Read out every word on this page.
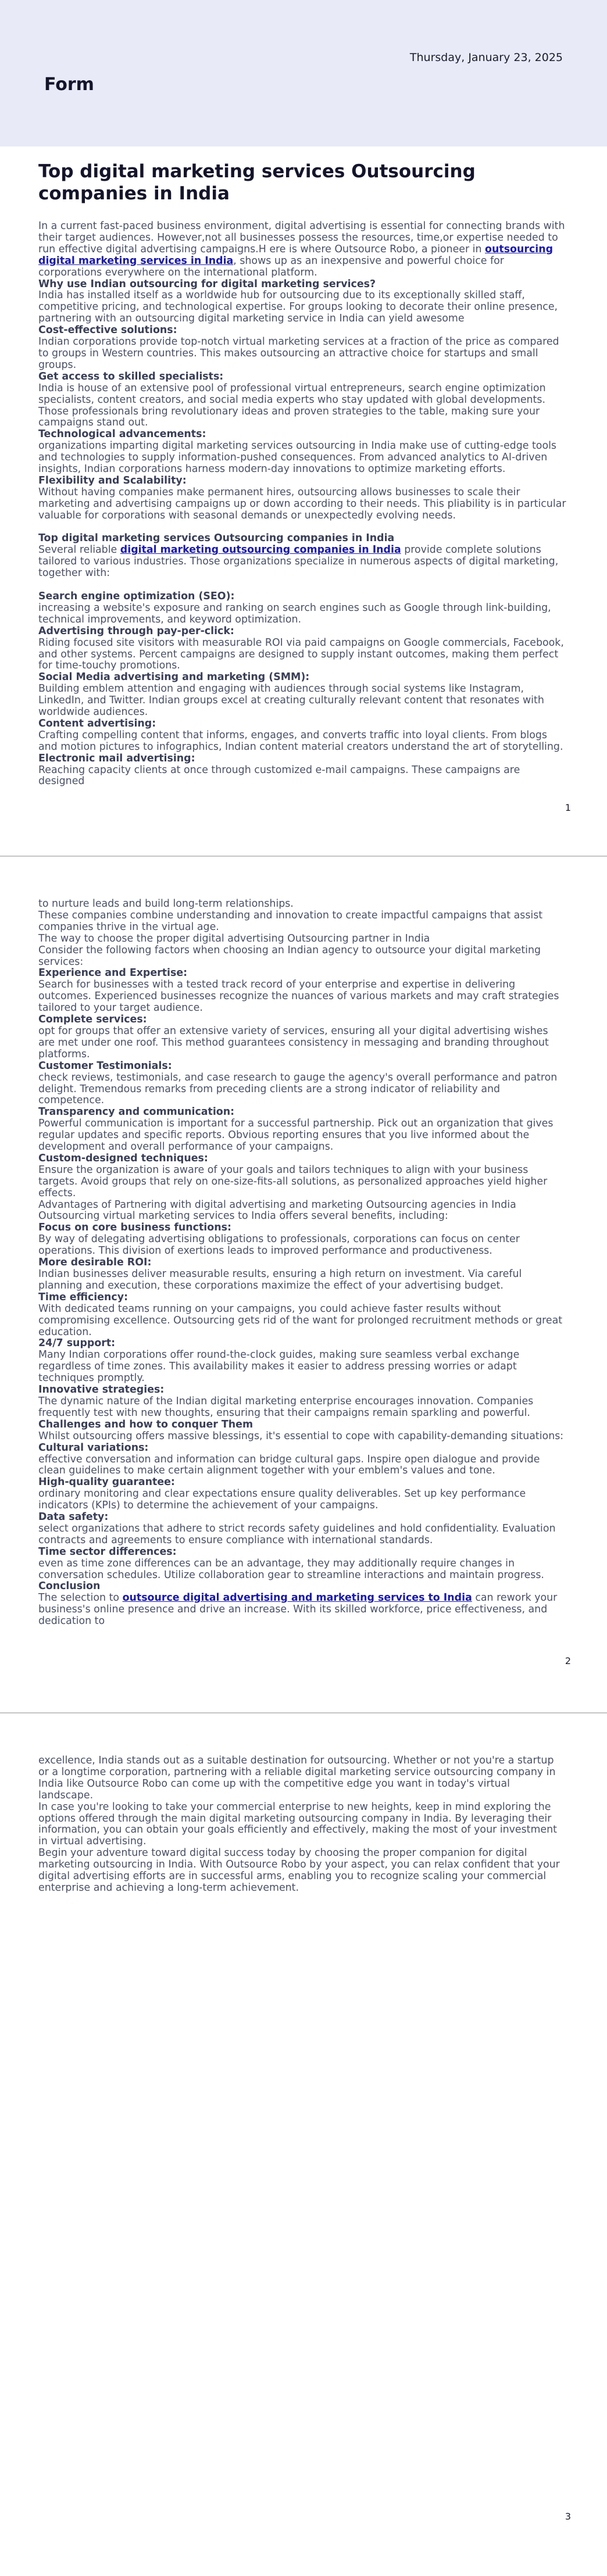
Thursday, January 23, 2025
Form
Top digital marketing services Outsourcing companies in India

In a current fast-paced business environment, digital advertising is essential for connecting brands with their target audiences. However,not all businesses possess the resources, time,or expertise needed to run effective digital advertising campaigns.H ere is where Outsource Robo, a pioneer in outsourcing digital marketing services in India, shows up as an inexpensive and powerful choice for corporations everywhere on the international platform.

Why use Indian outsourcing for digital marketing services?

India has installed itself as a worldwide hub for outsourcing due to its exceptionally skilled staff, competitive pricing, and technological expertise. For groups looking to decorate their online presence, partnering with an outsourcing digital marketing service in India can yield awesome

Cost-effective solutions:

Indian corporations provide top-notch virtual marketing services at a fraction of the price as compared to groups in Western countries. This makes outsourcing an attractive choice for startups and small groups.

Get access to skilled specialists:

India is house of an extensive pool of professional virtual entrepreneurs, search engine optimization specialists, content creators, and social media experts who stay updated with global developments. Those professionals bring revolutionary ideas and proven strategies to the table, making sure your campaigns stand out.

Technological advancements:

organizations imparting digital marketing services outsourcing in India make use of cutting-edge tools and technologies to supply information-pushed consequences. From advanced analytics to AI-driven insights, Indian corporations harness modern-day innovations to optimize marketing efforts.

Flexibility and Scalability:

Without having companies make permanent hires, outsourcing allows businesses to scale their marketing and advertising campaigns up or down according to their needs. This pliability is in particular valuable for corporations with seasonal demands or unexpectedly evolving needs.

Top digital marketing services Outsourcing companies in India

Several reliable digital marketing outsourcing companies in India provide complete solutions tailored to various industries. Those organizations specialize in numerous aspects of digital marketing, together with:

Search engine optimization (SEO):

increasing a website's exposure and ranking on search engines such as Google through link-building, technical improvements, and keyword optimization.

Advertising through pay-per-click:

Riding focused site visitors with measurable ROI via paid campaigns on Google commercials, Facebook, and other systems. Percent campaigns are designed to supply instant outcomes, making them perfect for time-touchy promotions.

Social Media advertising and marketing (SMM):

Building emblem attention and engaging with audiences through social systems like Instagram, LinkedIn, and Twitter. Indian groups excel at creating culturally relevant content that resonates with worldwide audiences.

Content advertising:

Crafting compelling content that informs, engages, and converts traffic into loyal clients. From blogs and motion pictures to infographics, Indian content material creators understand the art of storytelling.

Electronic mail advertising:

Reaching capacity clients at once through customized e-mail campaigns. These campaigns are designed

1

to nurture leads and build long-term relationships.

These companies combine understanding and innovation to create impactful campaigns that assist companies thrive in the virtual age.

The way to choose the proper digital advertising Outsourcing partner in India

Consider the following factors when choosing an Indian agency to outsource your digital marketing services:

Experience and Expertise:

Search for businesses with a tested track record of your enterprise and expertise in delivering outcomes. Experienced businesses recognize the nuances of various markets and may craft strategies tailored to your target audience.

Complete services:

opt for groups that offer an extensive variety of services, ensuring all your digital advertising wishes are met under one roof. This method guarantees consistency in messaging and branding throughout platforms.

Customer Testimonials:

check reviews, testimonials, and case research to gauge the agency's overall performance and patron delight. Tremendous remarks from preceding clients are a strong indicator of reliability and competence.

Transparency and communication:

Powerful communication is important for a successful partnership. Pick out an organization that gives regular updates and specific reports. Obvious reporting ensures that you live informed about the development and overall performance of your campaigns.

Custom-designed techniques:

Ensure the organization is aware of your goals and tailors techniques to align with your business targets. Avoid groups that rely on one-size-fits-all solutions, as personalized approaches yield higher effects.

Advantages of Partnering with digital advertising and marketing Outsourcing agencies in India

Outsourcing virtual marketing services to India offers several benefits, including:

Focus on core business functions:

By way of delegating advertising obligations to professionals, corporations can focus on center operations. This division of exertions leads to improved performance and productiveness.

More desirable ROI:

Indian businesses deliver measurable results, ensuring a high return on investment. Via careful planning and execution, these corporations maximize the effect of your advertising budget.

Time efficiency:

With dedicated teams running on your campaigns, you could achieve faster results without compromising excellence. Outsourcing gets rid of the want for prolonged recruitment methods or great education.

24/7 support:

Many Indian corporations offer round-the-clock guides, making sure seamless verbal exchange regardless of time zones. This availability makes it easier to address pressing worries or adapt techniques promptly.

Innovative strategies:

The dynamic nature of the Indian digital marketing enterprise encourages innovation. Companies frequently test with new thoughts, ensuring that their campaigns remain sparkling and powerful.

Challenges and how to conquer Them

Whilst outsourcing offers massive blessings, it's essential to cope with capability-demanding situations:

Cultural variations:

effective conversation and information can bridge cultural gaps. Inspire open dialogue and provide clean guidelines to make certain alignment together with your emblem's values and tone.

High-quality guarantee:

ordinary monitoring and clear expectations ensure quality deliverables. Set up key performance indicators (KPIs) to determine the achievement of your campaigns.

Data safety:

select organizations that adhere to strict records safety guidelines and hold confidentiality. Evaluation contracts and agreements to ensure compliance with international standards.

Time sector differences:

even as time zone differences can be an advantage, they may additionally require changes in conversation schedules. Utilize collaboration gear to streamline interactions and maintain progress.

Conclusion

The selection to outsource digital advertising and marketing services to India can rework your business's online presence and drive an increase. With its skilled workforce, price effectiveness, and dedication to

2

excellence, India stands out as a suitable destination for outsourcing. Whether or not you're a startup or a longtime corporation, partnering with a reliable digital marketing service outsourcing company in India like Outsource Robo can come up with the competitive edge you want in today's virtual landscape.

In case you're looking to take your commercial enterprise to new heights, keep in mind exploring the options offered through the main digital marketing outsourcing company in India. By leveraging their information, you can obtain your goals efficiently and effectively, making the most of your investment in virtual advertising.

Begin your adventure toward digital success today by choosing the proper companion for digital marketing outsourcing in India. With Outsource Robo by your aspect, you can relax confident that your digital advertising efforts are in successful arms, enabling you to recognize scaling your commercial enterprise and achieving a long-term achievement.

3
